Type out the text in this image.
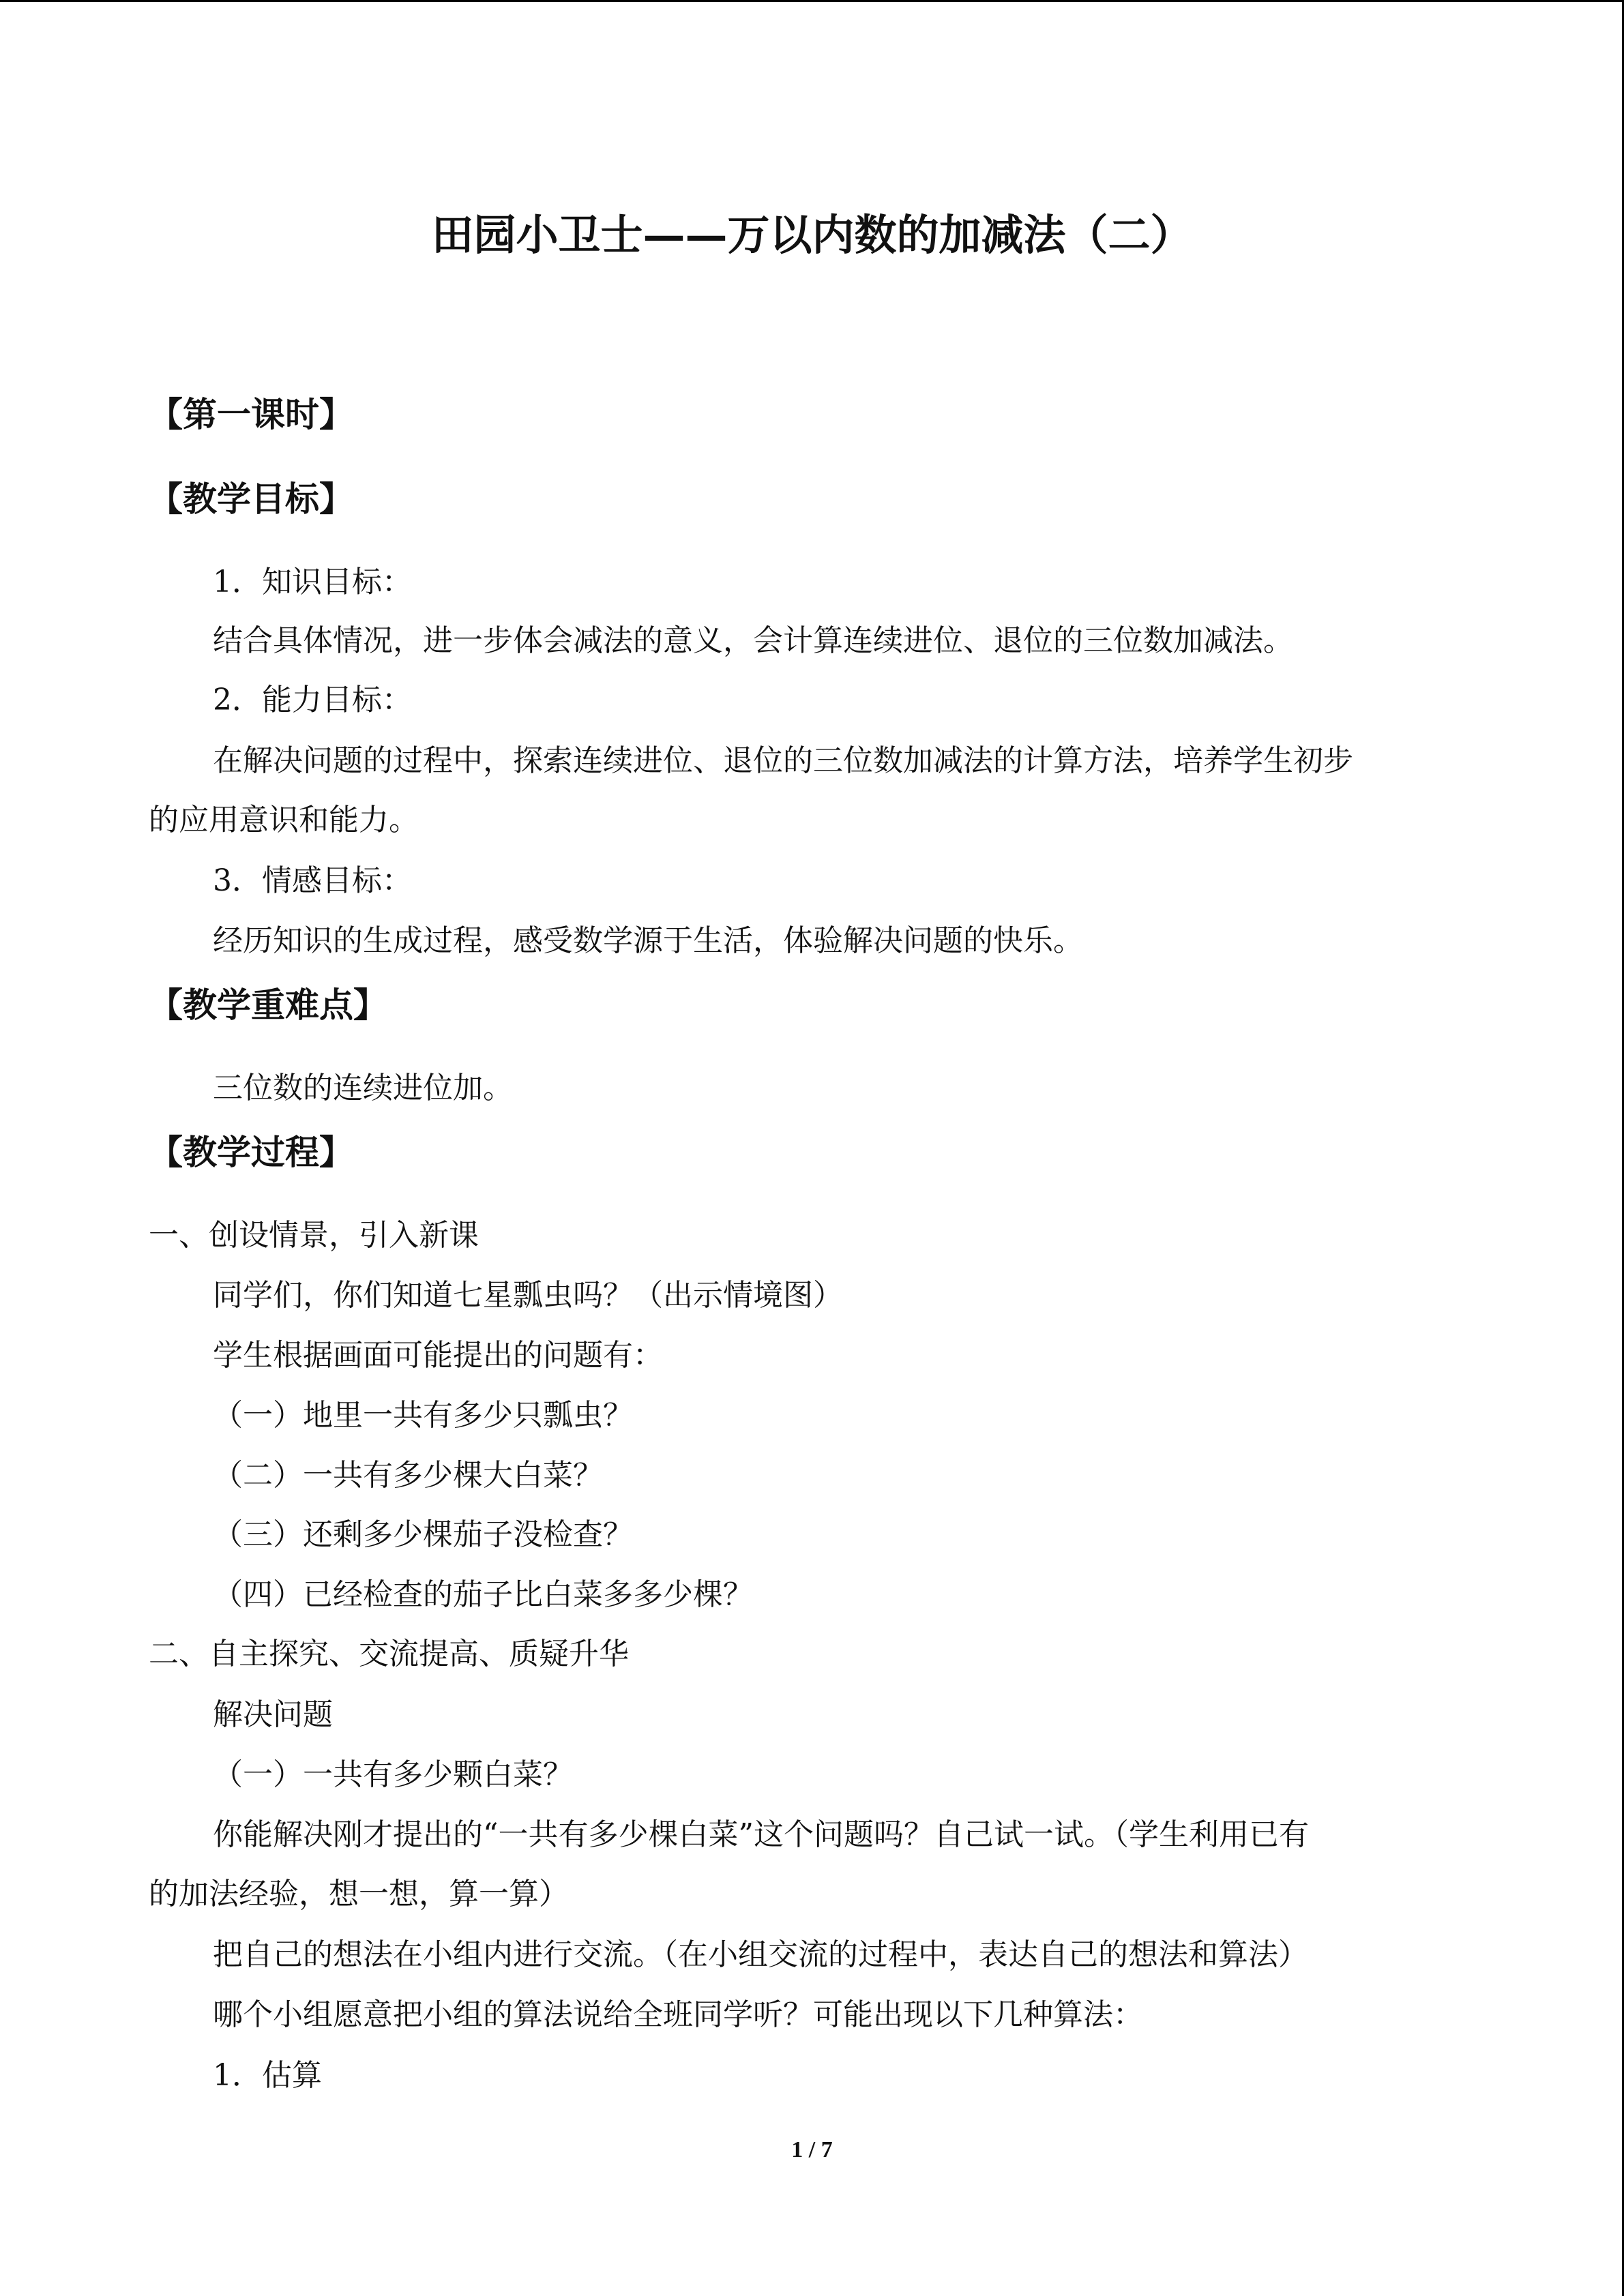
田园小卫士——万以内数的加减法（二）
【第一课时】
【教学目标】
1．知识目标：
结合具体情况，进一步体会减法的意义，会计算连续进位、退位的三位数加减法。
2．能力目标：
在解决问题的过程中，探索连续进位、退位的三位数加减法的计算方法，培养学生初步
的应用意识和能力。
3．情感目标：
经历知识的生成过程，感受数学源于生活，体验解决问题的快乐。
【教学重难点】
三位数的连续进位加。
【教学过程】
一、创设情景，引入新课
同学们，你们知道七星瓢虫吗？（出示情境图）
学生根据画面可能提出的问题有：
（一）地里一共有多少只瓢虫？
（二）一共有多少棵大白菜？
（三）还剩多少棵茄子没检查？
（四）已经检查的茄子比白菜多多少棵？
二、自主探究、交流提高、质疑升华
解决问题
（一）一共有多少颗白菜？
你能解决刚才提出的“一共有多少棵白菜”这个问题吗？自己试一试。（学生利用已有
的加法经验，想一想，算一算）
把自己的想法在小组内进行交流。（在小组交流的过程中，表达自己的想法和算法）
哪个小组愿意把小组的算法说给全班同学听？可能出现以下几种算法：
1．估算
1 / 7
